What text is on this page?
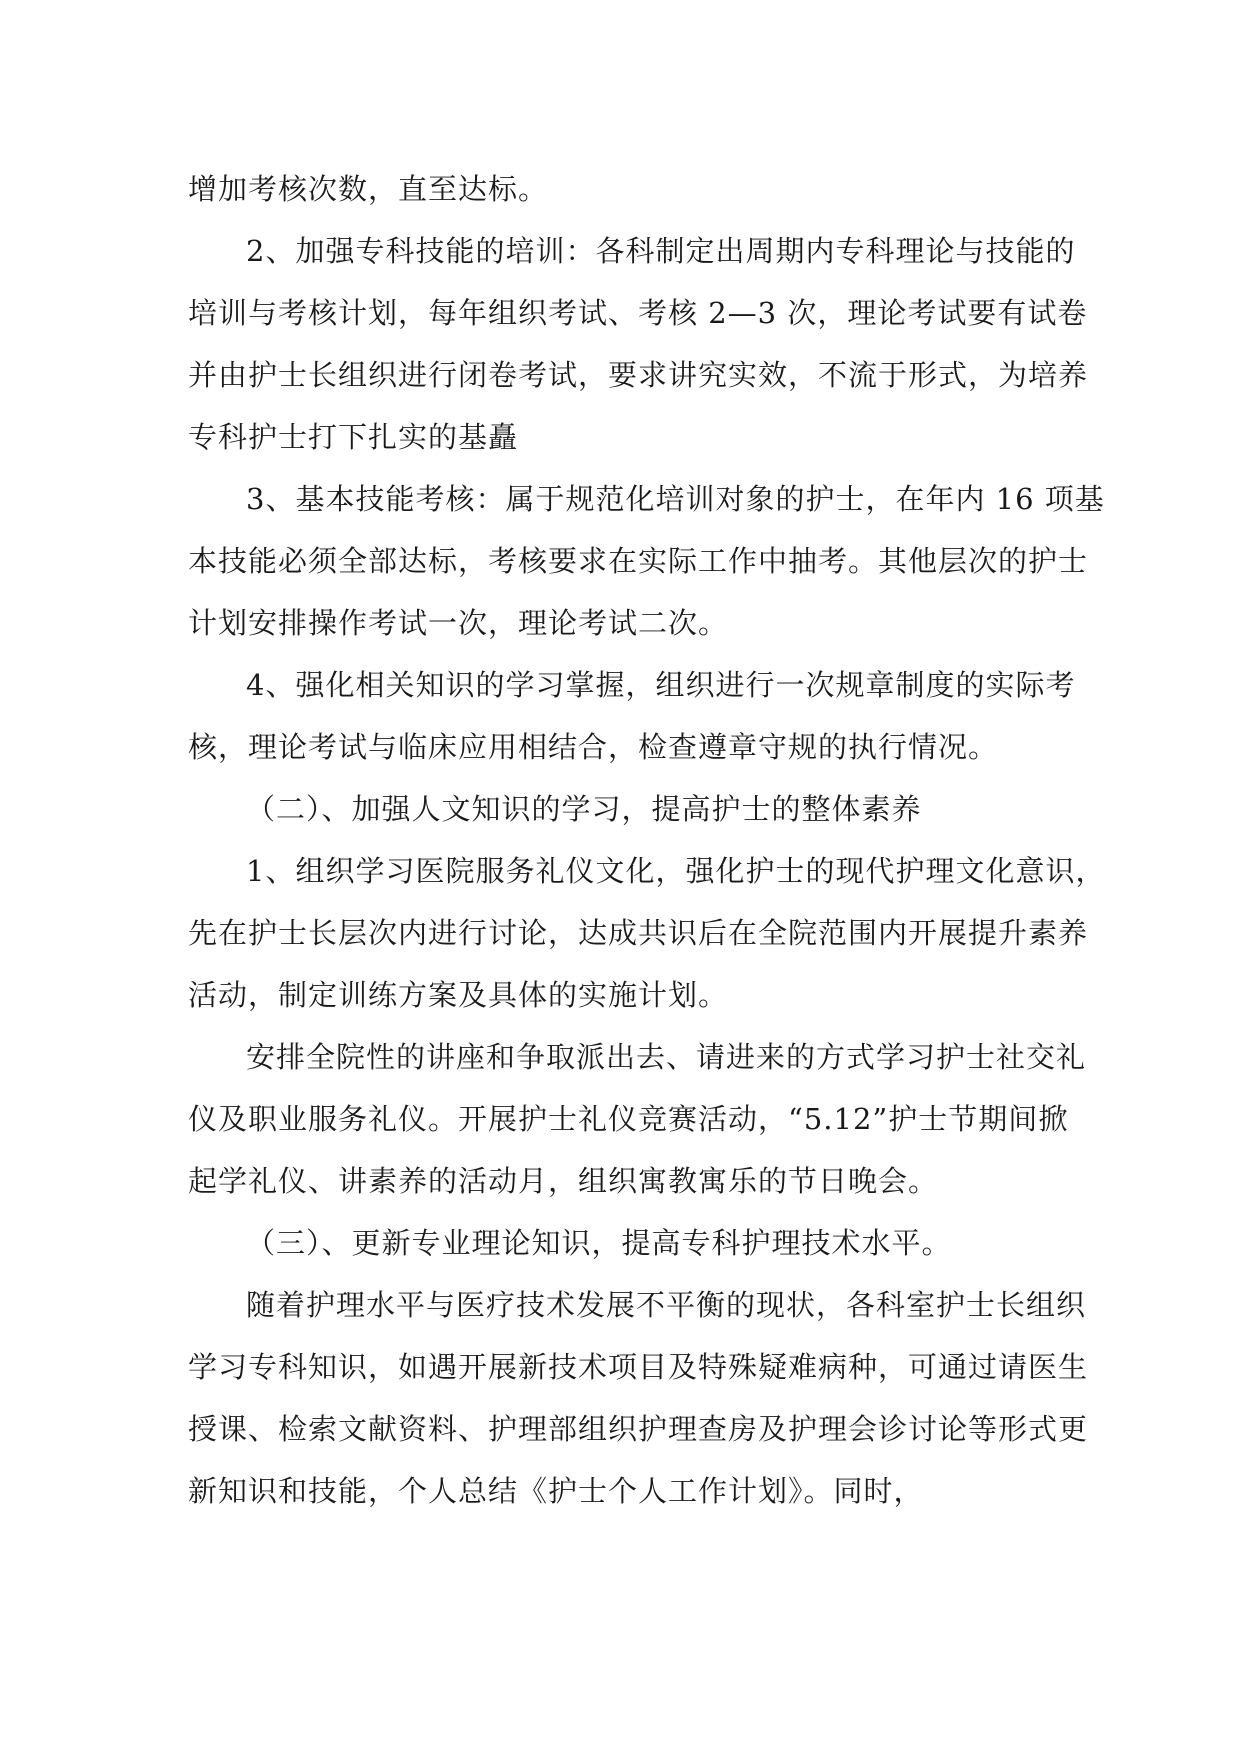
增加考核次数，直至达标。
2、加强专科技能的培训：各科制定出周期内专科理论与技能的
培训与考核计划，每年组织考试、考核 2—3 次，理论考试要有试卷
并由护士长组织进行闭卷考试，要求讲究实效，不流于形式，为培养
专科护士打下扎实的基矗
3、基本技能考核：属于规范化培训对象的护士，在年内 16 项基
本技能必须全部达标，考核要求在实际工作中抽考。其他层次的护士
计划安排操作考试一次，理论考试二次。
4、强化相关知识的学习掌握，组织进行一次规章制度的实际考
核，理论考试与临床应用相结合，检查遵章守规的执行情况。
（二）、加强人文知识的学习，提高护士的整体素养
1、组织学习医院服务礼仪文化，强化护士的现代护理文化意识，
先在护士长层次内进行讨论，达成共识后在全院范围内开展提升素养
活动，制定训练方案及具体的实施计划。
安排全院性的讲座和争取派出去、请进来的方式学习护士社交礼
仪及职业服务礼仪。开展护士礼仪竞赛活动，“5.12”护士节期间掀
起学礼仪、讲素养的活动月，组织寓教寓乐的节日晚会。
（三）、更新专业理论知识，提高专科护理技术水平。
随着护理水平与医疗技术发展不平衡的现状，各科室护士长组织
学习专科知识，如遇开展新技术项目及特殊疑难病种，可通过请医生
授课、检索文献资料、护理部组织护理查房及护理会诊讨论等形式更
新知识和技能，个人总结《护士个人工作计划》。同时，
